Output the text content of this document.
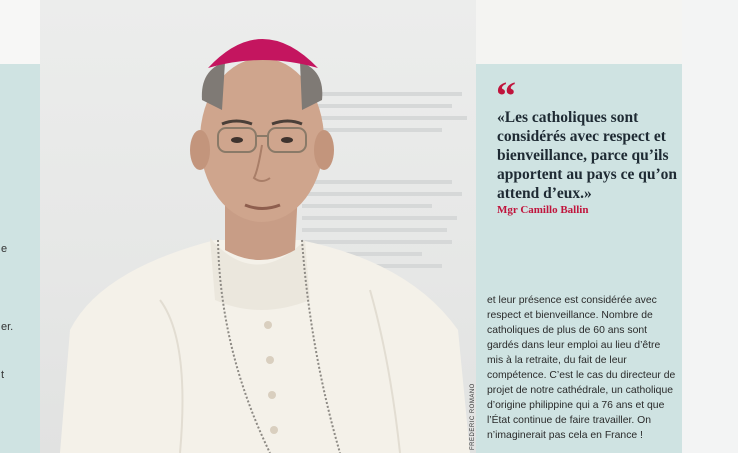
e
er.
t
FRÉDÉRIC ROMANO
“
«Les catholiques sont considérés avec respect et bienveillance, parce qu’ils apportent au pays ce qu’on attend d’eux.»
Mgr Camillo Ballin
et leur présence est considérée avec respect et bienveillance. Nombre de catholiques de plus de 60 ans sont gardés dans leur emploi au lieu d’être mis à la retraite, du fait de leur compétence. C’est le cas du directeur de projet de notre cathédrale, un catholique d’origine philippine qui a 76 ans et que l’État continue de faire travailler. On n’imaginerait pas cela en France !
